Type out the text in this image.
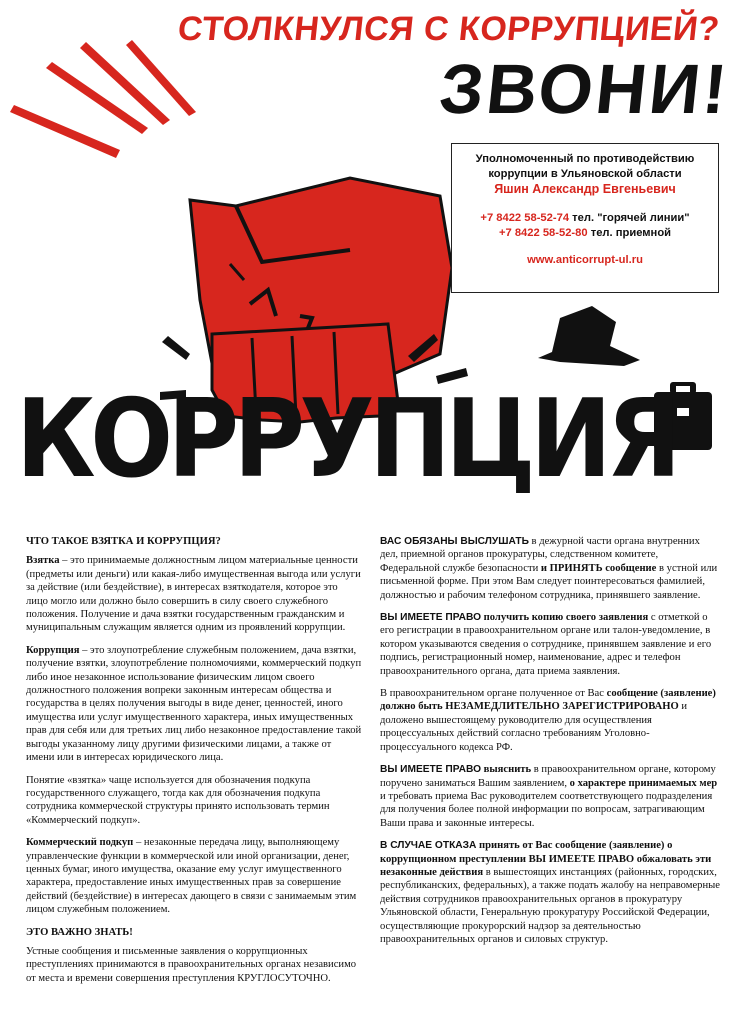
СТОЛКНУЛСЯ С КОРРУПЦИЕЙ?
ЗВОНИ!
КОРРУПЦИЯ
Уполномоченный по противодействию
коррупции в Ульяновской области
Яшин Александр Евгеньевич
+7 8422 58-52-74 тел. "горячей линии"
+7 8422 58-52-80 тел. приемной
www.anticorrupt-ul.ru
ЧТО ТАКОЕ ВЗЯТКА И КОРРУПЦИЯ?

Взятка – это принимаемые должностным лицом материальные ценности (предметы или деньги) или какая-либо имущественная выгода или услуги за действие (или бездействие), в интересах взяткодателя, которое это лицо могло или должно было совершить в силу своего служебного положения. Получение и дача взятки государственным гражданским и муниципальным служащим является одним из проявлений коррупции.

Коррупция – это злоупотребление служебным положением, дача взятки, получение взятки, злоупотребление полномочиями, коммерческий подкуп либо иное незаконное использование физическим лицом своего должностного положения вопреки законным интересам общества и государства в целях получения выгоды в виде денег, ценностей, иного имущества или услуг имущественного характера, иных имущественных прав для себя или для третьих лиц либо незаконное предоставление такой выгоды указанному лицу другими физическими лицами, а также от имени или в интересах юридического лица.

Понятие «взятка» чаще используется для обозначения подкупа государственного служащего, тогда как для обозначения подкупа сотрудника коммерческой структуры принято использовать термин «Коммерческий подкуп».

Коммерческий подкуп – незаконные передача лицу, выполняющему управленческие функции в коммерческой или иной организации, денег, ценных бумаг, иного имущества, оказание ему услуг имущественного характера, предоставление иных имущественных прав за совершение действий (бездействие) в интересах дающего в связи с занимаемым этим лицом служебным положением.

ЭТО ВАЖНО ЗНАТЬ!

Устные сообщения и письменные заявления о коррупционных преступлениях принимаются в правоохранительных органах независимо от места и времени совершения преступления КРУГЛОСУТОЧНО.

ВАС ОБЯЗАНЫ ВЫСЛУШАТЬ в дежурной части органа внутренних дел, приемной органов прокуратуры, следственном комитете, Федеральной службе безопасности и ПРИНЯТЬ сообщение в устной или письменной форме. При этом Вам следует поинтересоваться фамилией, должностью и рабочим телефоном сотрудника, принявшего заявление.

ВЫ ИМЕЕТЕ ПРАВО получить копию своего заявления с отметкой о его регистрации в правоохранительном органе или талон-уведомление, в котором указываются сведения о сотруднике, принявшем заявление и его подпись, регистрационный номер, наименование, адрес и телефон правоохранительного органа, дата приема заявления.

В правоохранительном органе полученное от Вас сообщение (заявление) должно быть НЕЗАМЕДЛИТЕЛЬНО ЗАРЕГИСТРИРОВАНО и доложено вышестоящему руководителю для осуществления процессуальных действий согласно требованиям Уголовно-процессуального кодекса РФ.

ВЫ ИМЕЕТЕ ПРАВО выяснить в правоохранительном органе, которому поручено заниматься Вашим заявлением, о характере принимаемых мер и требовать приема Вас руководителем соответствующего подразделения для получения более полной информации по вопросам, затрагивающим Ваши права и законные интересы.

В СЛУЧАЕ ОТКАЗА принять от Вас сообщение (заявление) о коррупционном преступлении ВЫ ИМЕЕТЕ ПРАВО обжаловать эти незаконные действия в вышестоящих инстанциях (районных, городских, республиканских, федеральных), а также подать жалобу на неправомерные действия сотрудников правоохранительных органов в прокуратуру Ульяновской области, Генеральную прокуратуру Российской Федерации, осуществляющие прокурорский надзор за деятельностью правоохранительных органов и силовых структур.
